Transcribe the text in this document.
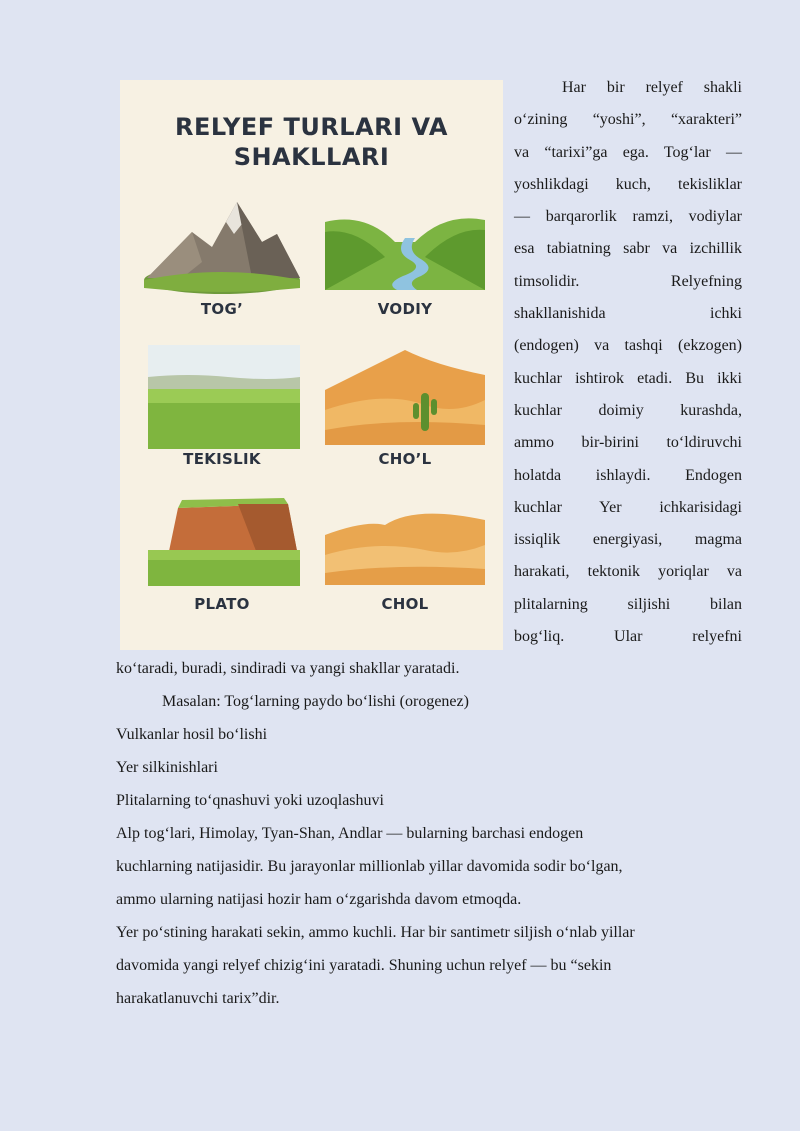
RELYEF TURLARI VA
SHAKLLARI
TOG’	VODIY
TEKISLIK	CHO’L
PLATO	CHOL
Har bir relyef shakli
o‘zining “yoshi”, “xarakteri”
va “tarixi”ga ega. Tog‘lar —
yoshlikdagi kuch, tekisliklar
— barqarorlik ramzi, vodiylar
esa tabiatning sabr va izchillik
timsolidir. Relyefning
shakllanishida ichki
(endogen) va tashqi (ekzogen)
kuchlar ishtirok etadi. Bu ikki
kuchlar doimiy kurashda,
ammo bir-birini to‘ldiruvchi
holatda ishlaydi. Endogen
kuchlar Yer ichkarisidagi
issiqlik energiyasi, magma
harakati, tektonik yoriqlar va
plitalarning siljishi bilan
bog‘liq. Ular relyefni
ko‘taradi, buradi, sindiradi va yangi shakllar yaratadi.
Masalan: Tog‘larning paydo bo‘lishi (orogenez)
Vulkanlar hosil bo‘lishi
Yer silkinishlari
Plitalarning to‘qnashuvi yoki uzoqlashuvi
Alp tog‘lari, Himolay, Tyan-Shan, Andlar — bularning barchasi endogen
kuchlarning natijasidir. Bu jarayonlar millionlab yillar davomida sodir bo‘lgan,
ammo ularning natijasi hozir ham o‘zgarishda davom etmoqda.
Yer po‘stining harakati sekin, ammo kuchli. Har bir santimetr siljish o‘nlab yillar
davomida yangi relyef chizig‘ini yaratadi. Shuning uchun relyef — bu “sekin
harakatlanuvchi tarix”dir.
